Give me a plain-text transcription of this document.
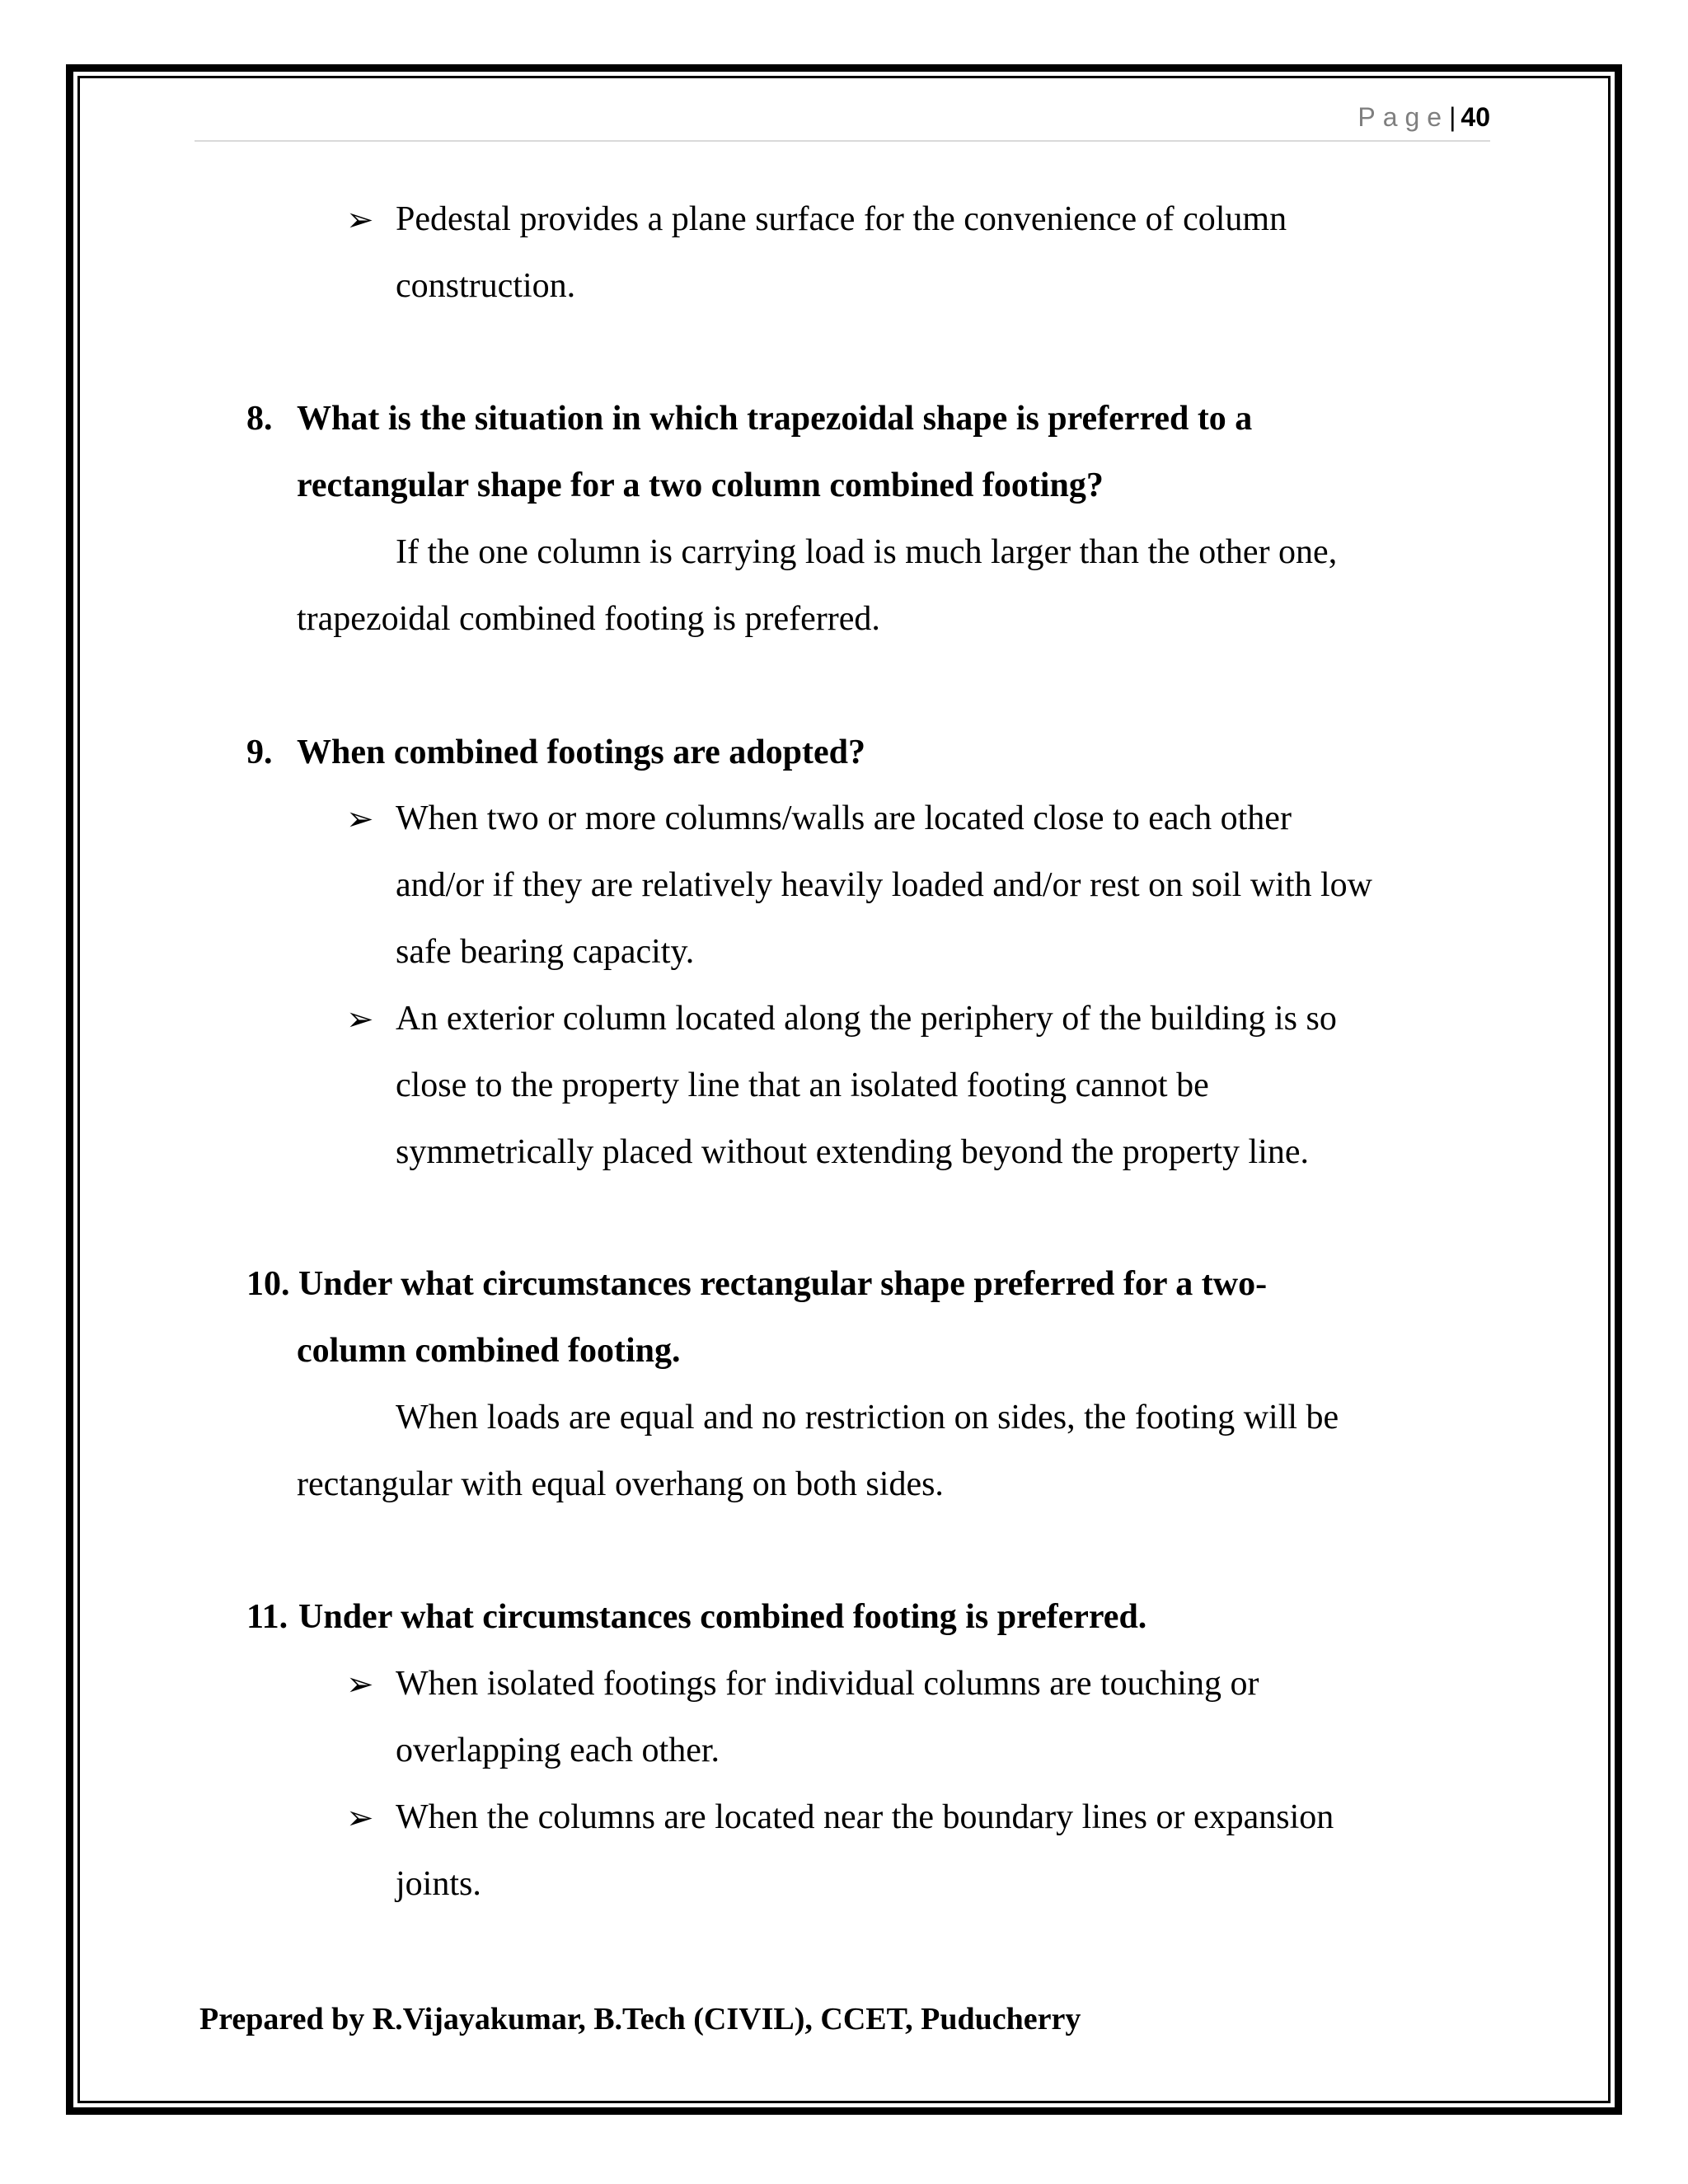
Page| 40
➢ Pedestal provides a plane surface for the convenience of column
construction.
8. What is the situation in which trapezoidal shape is preferred to a
rectangular shape for a two column combined footing?
If the one column is carrying load is much larger than the other one,
trapezoidal combined footing is preferred.
9. When combined footings are adopted?
➢ When two or more columns/walls are located close to each other
and/or if they are relatively heavily loaded and/or rest on soil with low
safe bearing capacity.
➢ An exterior column located along the periphery of the building is so
close to the property line that an isolated footing cannot be
symmetrically placed without extending beyond the property line.
10. Under what circumstances rectangular shape preferred for a two-
column combined footing.
When loads are equal and no restriction on sides, the footing will be
rectangular with equal overhang on both sides.
11. Under what circumstances combined footing is preferred.
➢ When isolated footings for individual columns are touching or
overlapping each other.
➢ When the columns are located near the boundary lines or expansion
joints.
Prepared by R.Vijayakumar, B.Tech (CIVIL), CCET, Puducherry
